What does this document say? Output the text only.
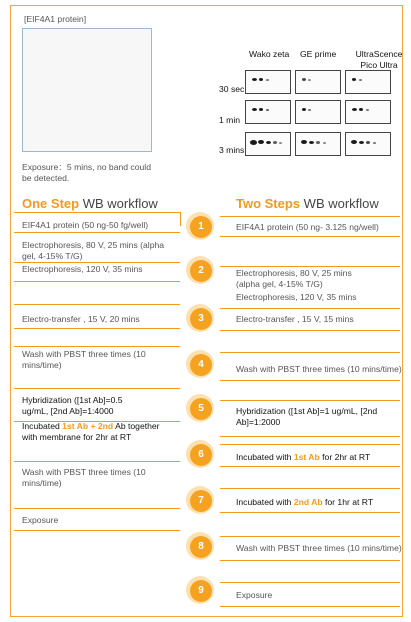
[EIF4A1 protein]
Exposure：5 mins, no band could be detected.
Wako zeta GE prime	UltraScence Pico Ultra
30 sec
1 min
3 mins
One Step WB workflow	Two Steps WB workflow
1
2
3
4
5
6
7
8
9
EIF4A1 protein (50 ng-50 fg/well)
Electrophoresis, 80 V, 25 mins (alpha gel, 4-15% T/G)
Electrophoresis, 120 V, 35 mins
Electro-transfer , 15 V, 20 mins
Wash with PBST three times (10 mins/time)
Hybridization ([1st Ab]=0.5 ug/mL, [2nd Ab]=1:4000
Incubated 1st Ab + 2nd Ab together with membrane for 2hr at RT
Wash with PBST three times (10 mins/time)
Exposure
EIF4A1 protein (50 ng- 3.125 ng/well)
Electrophoresis, 80 V, 25 mins
(alpha gel, 4-15% T/G)
Electrophoresis, 120 V, 35 mins
Electro-transfer , 15 V, 15 mins
Wash with PBST three times (10 mins/time)
Hybridization ([1st Ab]=1 ug/mL, [2nd Ab]=1:2000
Incubated with 1st Ab for 2hr at RT
Incubated with 2nd Ab for 1hr at RT
Wash with PBST three times (10 mins/time)
Exposure
